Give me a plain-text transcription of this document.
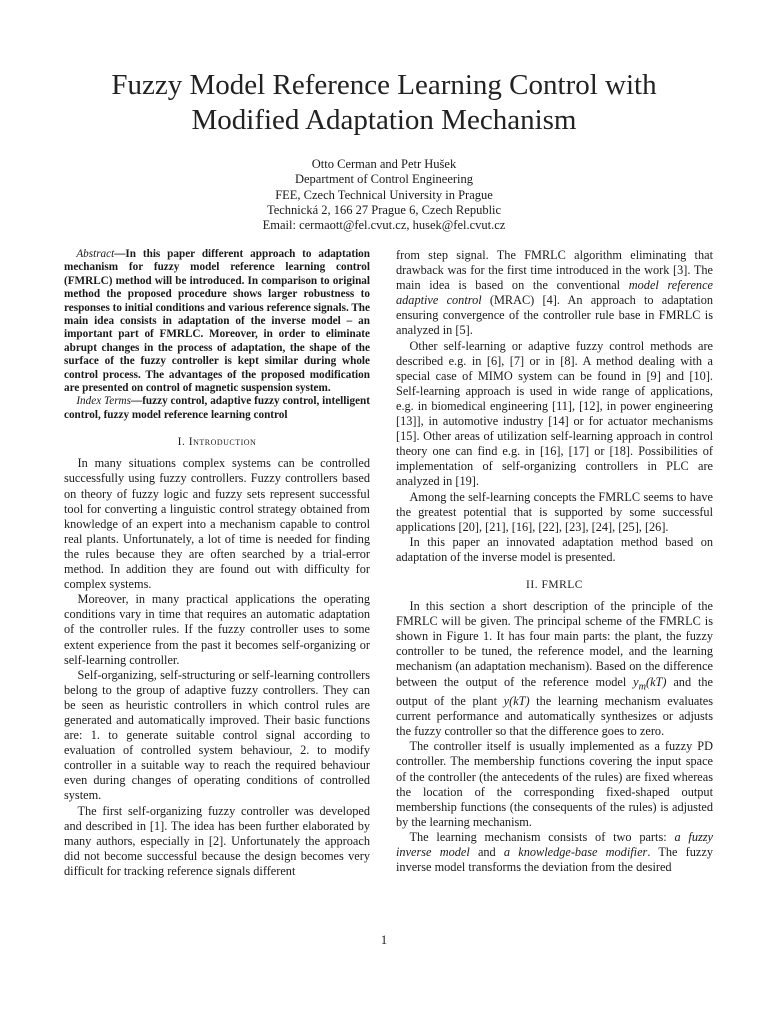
Fuzzy Model Reference Learning Control with
Modified Adaptation Mechanism
Otto Cerman and Petr Hušek
Department of Control Engineering
FEE, Czech Technical University in Prague
Technická 2, 166 27 Prague 6, Czech Republic
Email: cermaott@fel.cvut.cz, husek@fel.cvut.cz

Abstract—In this paper different approach to adaptation mechanism for fuzzy model reference learning control (FMRLC) method will be introduced. In comparison to original method the proposed procedure shows larger robustness to responses to initial conditions and various reference signals. The main idea consists in adaptation of the inverse model – an important part of FMRLC. Moreover, in order to eliminate abrupt changes in the process of adaptation, the shape of the surface of the fuzzy controller is kept similar during whole control process. The advantages of the proposed modification are presented on control of magnetic suspension system.

Index Terms—fuzzy control, adaptive fuzzy control, intelligent control, fuzzy model reference learning control

I. Introduction

In many situations complex systems can be controlled successfully using fuzzy controllers. Fuzzy controllers based on theory of fuzzy logic and fuzzy sets represent successful tool for converting a linguistic control strategy obtained from knowledge of an expert into a mechanism capable to control real plants. Unfortunately, a lot of time is needed for finding the rules because they are often searched by a trial-error method. In addition they are found out with difficulty for complex systems.

Moreover, in many practical applications the operating conditions vary in time that requires an automatic adaptation of the controller rules. If the fuzzy controller uses to some extent experience from the past it becomes self-organizing or self-learning controller.

Self-organizing, self-structuring or self-learning controllers belong to the group of adaptive fuzzy controllers. They can be seen as heuristic controllers in which control rules are generated and automatically improved. Their basic functions are: 1. to generate suitable control signal according to evaluation of controlled system behaviour, 2. to modify controller in a suitable way to reach the required behaviour even during changes of operating conditions of controlled system.

The first self-organizing fuzzy controller was developed and described in [1]. The idea has been further elaborated by many authors, especially in [2]. Unfortunately the approach did not become successful because the design becomes very difficult for tracking reference signals different

from step signal. The FMRLC algorithm eliminating that drawback was for the first time introduced in the work [3]. The main idea is based on the conventional model reference adaptive control (MRAC) [4]. An approach to adaptation ensuring convergence of the controller rule base in FMRLC is analyzed in [5].

Other self-learning or adaptive fuzzy control methods are described e.g. in [6], [7] or in [8]. A method dealing with a special case of MIMO system can be found in [9] and [10]. Self-learning approach is used in wide range of applications, e.g. in biomedical engineering [11], [12], in power engineering [13]], in automotive industry [14] or for actuator mechanisms [15]. Other areas of utilization self-learning approach in control theory one can find e.g. in [16], [17] or [18]. Possibilities of implementation of self-organizing controllers in PLC are analyzed in [19].

Among the self-learning concepts the FMRLC seems to have the greatest potential that is supported by some successful applications [20], [21], [16], [22], [23], [24], [25], [26].

In this paper an innovated adaptation method based on adaptation of the inverse model is presented.

II. FMRLC

In this section a short description of the principle of the FMRLC will be given. The principal scheme of the FMRLC is shown in Figure 1. It has four main parts: the plant, the fuzzy controller to be tuned, the reference model, and the learning mechanism (an adaptation mechanism). Based on the difference between the output of the reference model $y_m(kT)$ and the output of the plant y(kT) the learning mechanism evaluates current performance and automatically synthesizes or adjusts the fuzzy controller so that the difference goes to zero.

The controller itself is usually implemented as a fuzzy PD controller. The membership functions covering the input space of the controller (the antecedents of the rules) are fixed whereas the location of the corresponding fixed-shaped output membership functions (the consequents of the rules) is adjusted by the learning mechanism.

The learning mechanism consists of two parts: a fuzzy inverse model and a knowledge-base modifier. The fuzzy inverse model transforms the deviation from the desired

1
